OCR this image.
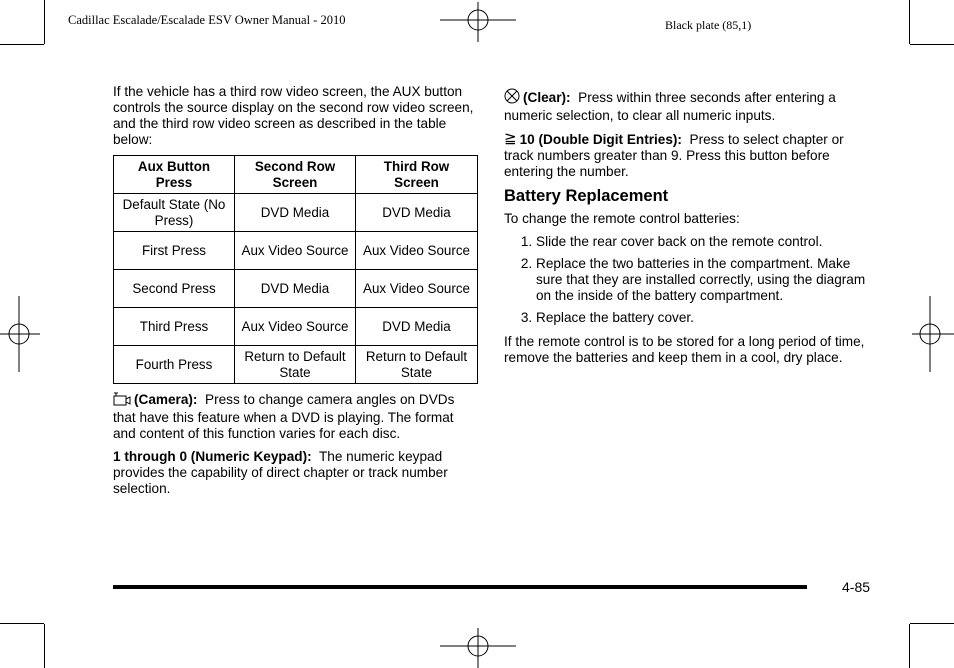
Cadillac Escalade/Escalade ESV Owner Manual - 2010	Black plate (85,1)

If the vehicle has a third row video screen, the AUX button controls the source display on the second row video screen, and the third row video screen as described in the table below:

Aux Button Press	Second Row Screen	Third Row Screen
Default State (No Press)	DVD Media	DVD Media
First Press	Aux Video Source	Aux Video Source
Second Press	DVD Media	Aux Video Source
Third Press	Aux Video Source	DVD Media
Fourth Press	Return to Default State	Return to Default State

(Camera): Press to change camera angles on DVDs that have this feature when a DVD is playing. The format and content of this function varies for each disc.

1 through 0 (Numeric Keypad): The numeric keypad provides the capability of direct chapter or track number selection.

(Clear): Press within three seconds after entering a numeric selection, to clear all numeric inputs.

≧ 10 (Double Digit Entries): Press to select chapter or track numbers greater than 9. Press this button before entering the number.

Battery Replacement

To change the remote control batteries:

1. Slide the rear cover back on the remote control.
2. Replace the two batteries in the compartment. Make sure that they are installed correctly, using the diagram on the inside of the battery compartment.
3. Replace the battery cover.

If the remote control is to be stored for a long period of time, remove the batteries and keep them in a cool, dry place.

4-85
